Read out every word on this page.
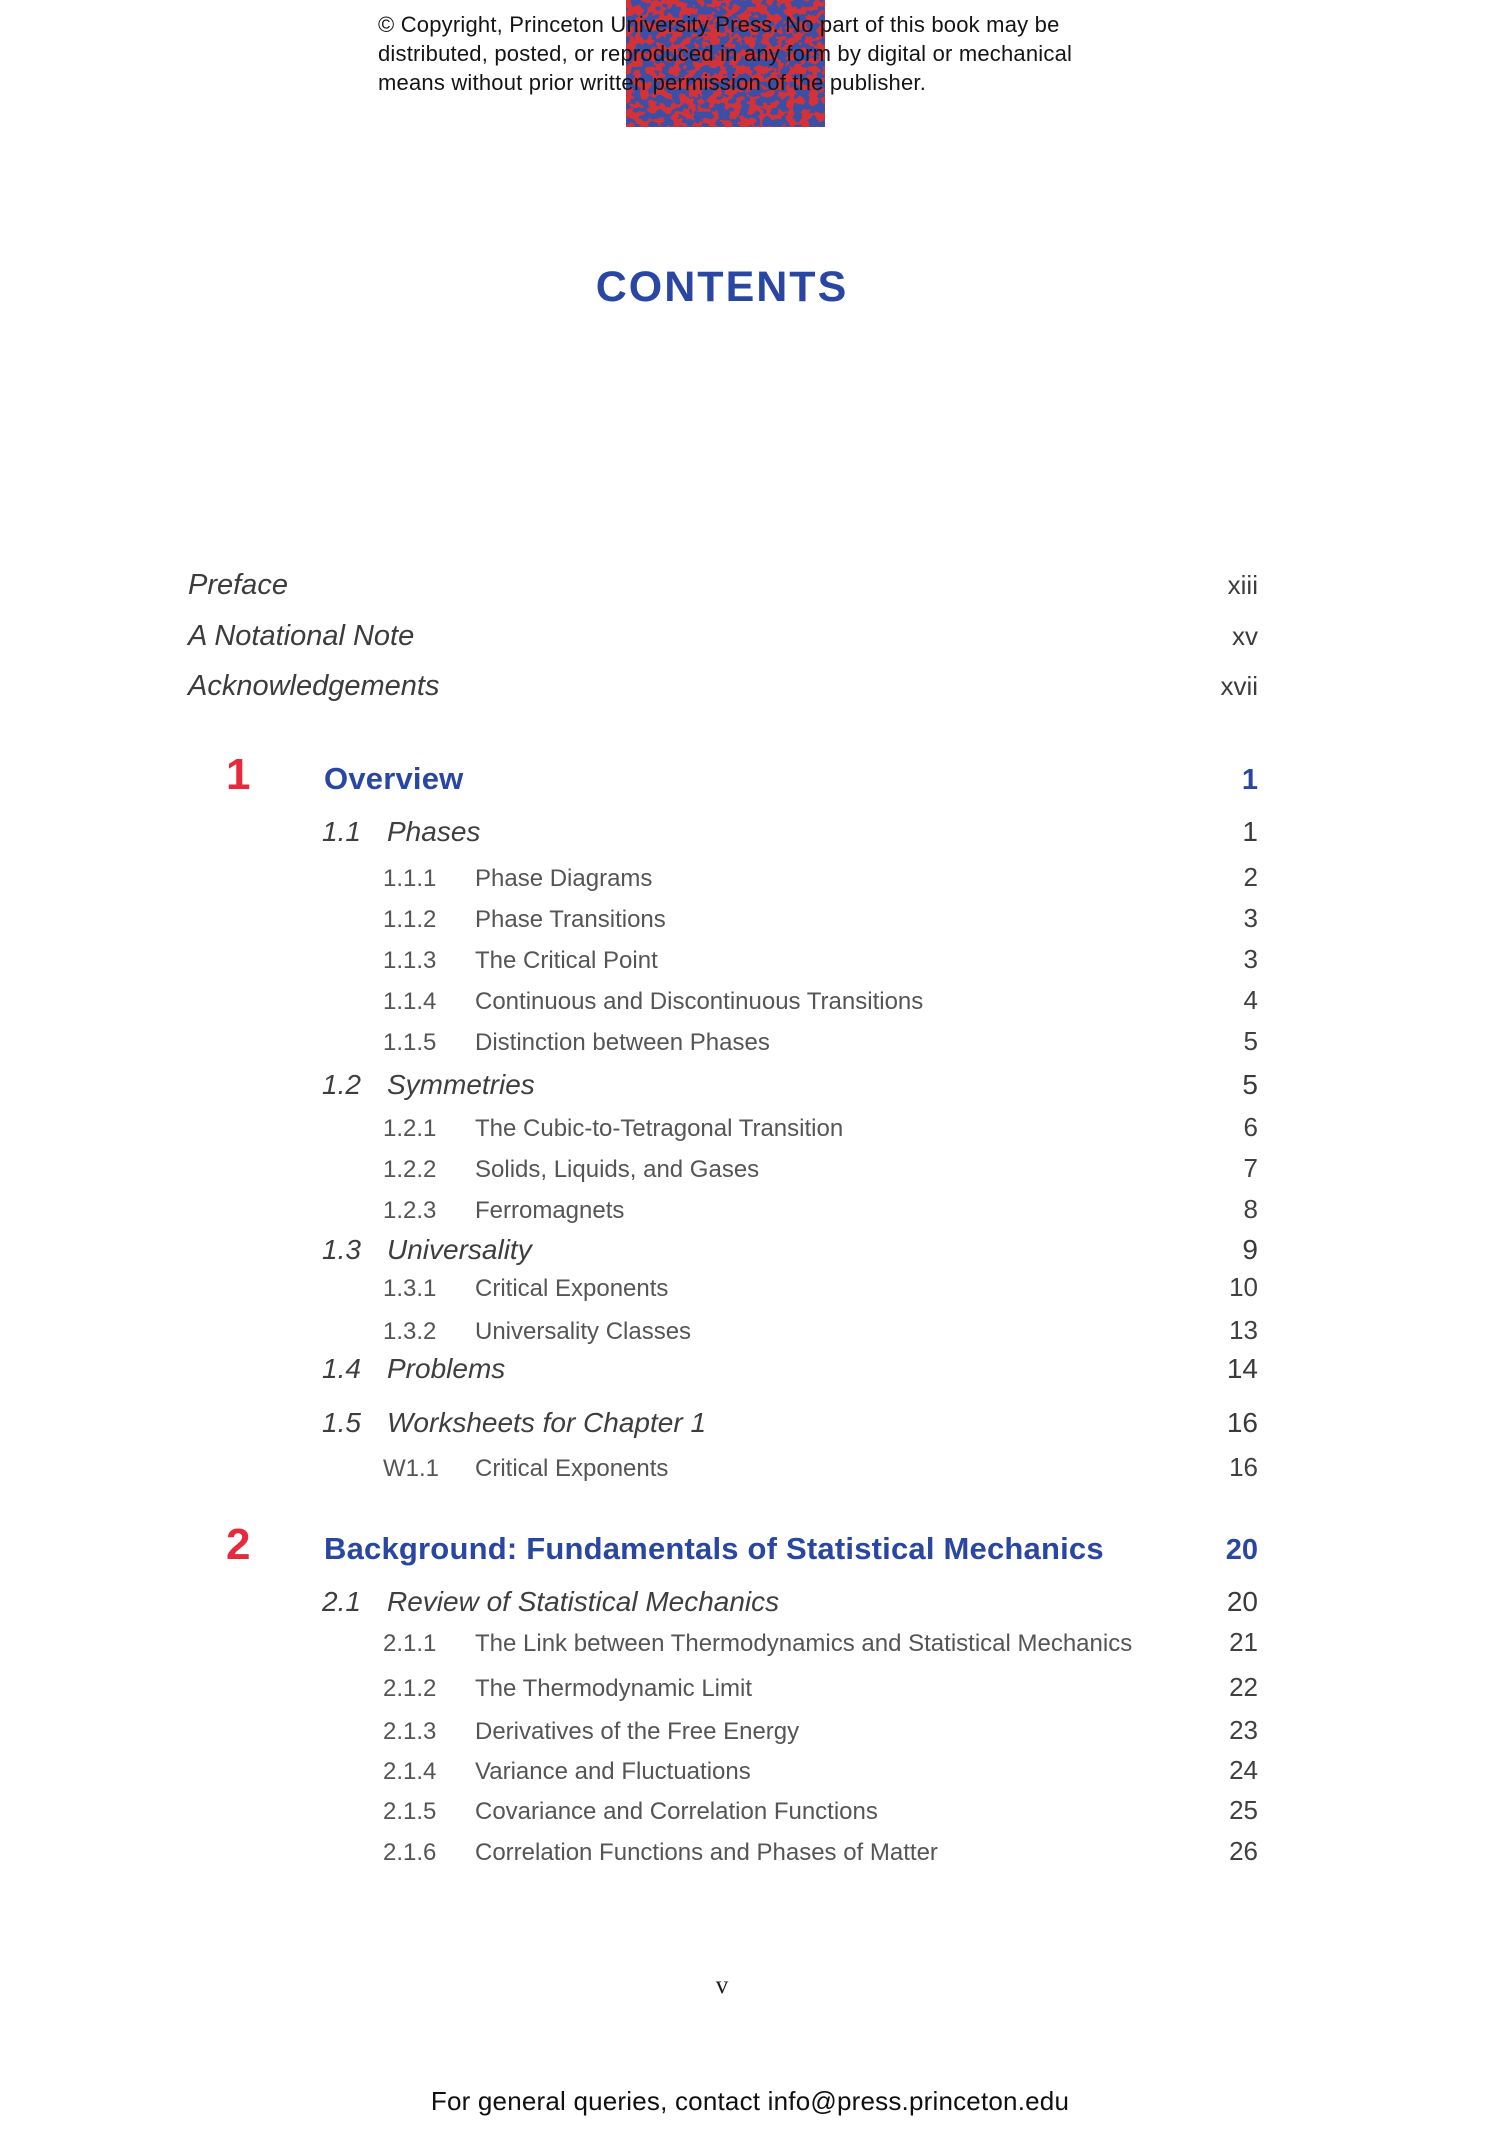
© Copyright, Princeton University Press. No part of this book may be
distributed, posted, or reproduced in any form by digital or mechanical
means without prior written permission of the publisher.
CONTENTS
Preface	xiii
A Notational Note	xv
Acknowledgements	xvii
1	Overview	1
1.1 Phases	1
1.1.1	Phase Diagrams	2
1.1.2	Phase Transitions	3
1.1.3	The Critical Point	3
1.1.4	Continuous and Discontinuous Transitions	4
1.1.5	Distinction between Phases	5
1.2 Symmetries	5
1.2.1	The Cubic-to-Tetragonal Transition	6
1.2.2	Solids, Liquids, and Gases	7
1.2.3	Ferromagnets	8
1.3 Universality	9
1.3.1	Critical Exponents	10
1.3.2	Universality Classes	13
1.4 Problems	14
1.5 Worksheets for Chapter 1	16
W1.1	Critical Exponents	16
2	Background: Fundamentals of Statistical Mechanics	20
2.1 Review of Statistical Mechanics	20
2.1.1	The Link between Thermodynamics and Statistical Mechanics	21
2.1.2	The Thermodynamic Limit	22
2.1.3	Derivatives of the Free Energy	23
2.1.4	Variance and Fluctuations	24
2.1.5	Covariance and Correlation Functions	25
2.1.6	Correlation Functions and Phases of Matter	26
v
For general queries, contact info@press.princeton.edu
